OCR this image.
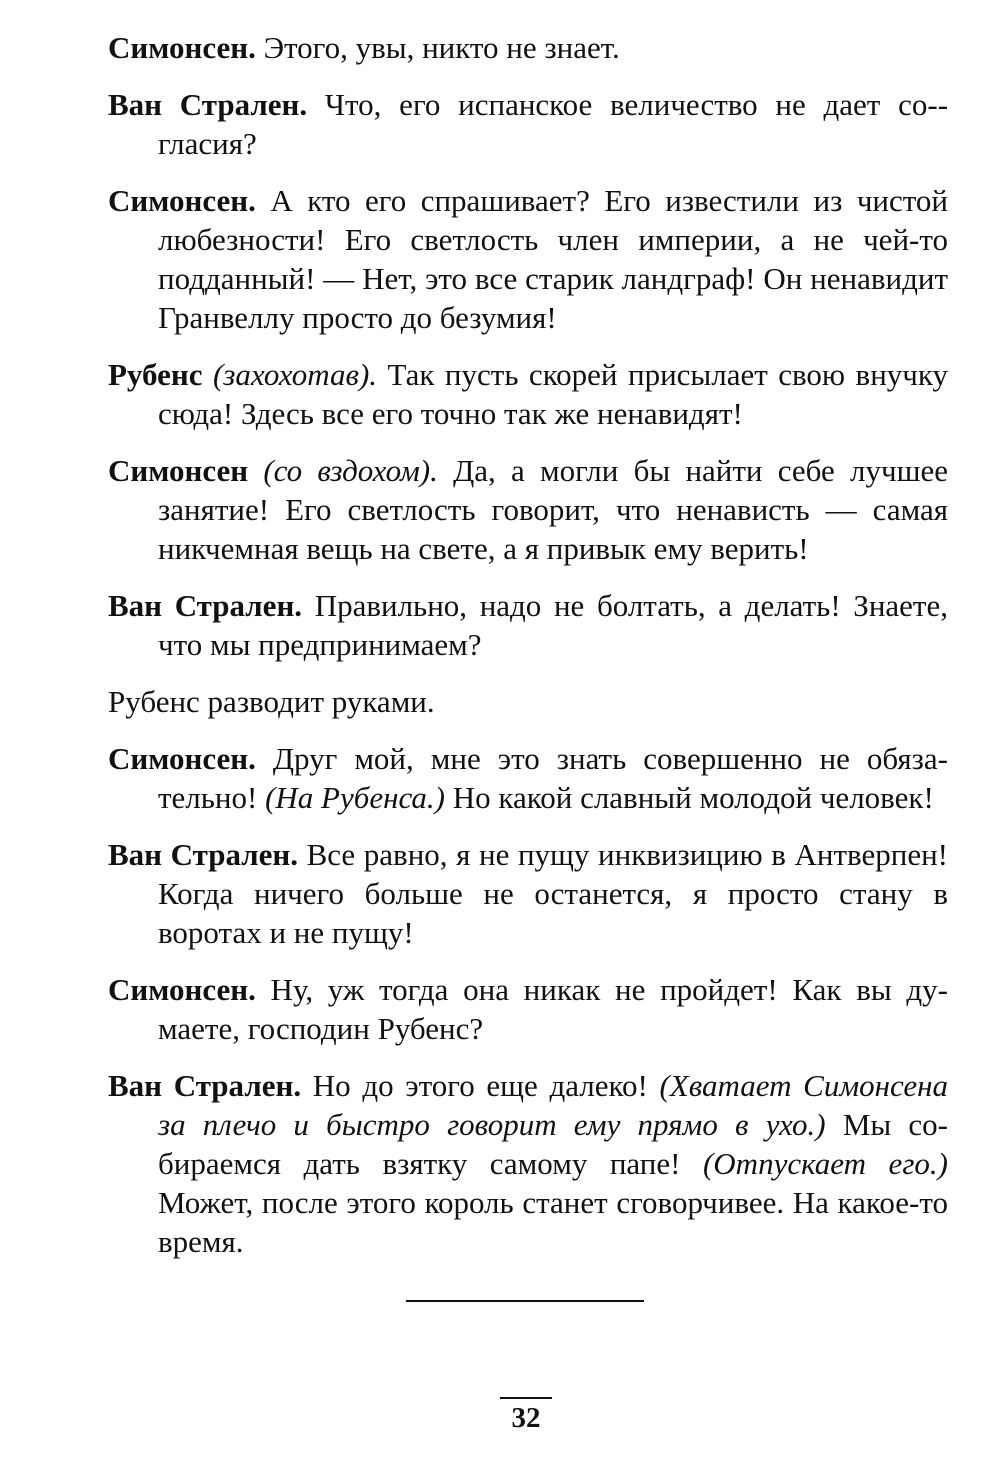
Симонсен. Этого, увы, никто не знает.

Ван Стрален. Что, его испанское величество не дает со-гласия?

Симонсен. А кто его спрашивает? Его известили из чистой любезности! Его светлость член империи, а не чей-то подданный! — Нет, это все старик ландграф! Он ненавидит Гранвеллу просто до безумия!

Рубенс (захохотав). Так пусть скорей присылает свою внучку сюда! Здесь все его точно так же ненавидят!

Симонсен (со вздохом). Да, а могли бы найти себе лучшее занятие! Его светлость говорит, что ненависть — самая никчемная вещь на свете, а я привык ему верить!

Ван Стрален. Правильно, надо не болтать, а делать! Знаете, что мы предпринимаем?

Рубенс разводит руками.

Симонсен. Друг мой, мне это знать совершенно не обязательно! (На Рубенса.) Но какой славный молодой человек!

Ван Стрален. Все равно, я не пущу инквизицию в Антверпен! Когда ничего больше не останется, я просто стану в воротах и не пущу!

Симонсен. Ну, уж тогда она никак не пройдет! Как вы думаете, господин Рубенс?

Ван Стрален. Но до этого еще далеко! (Хватает Симонсена за плечо и быстро говорит ему прямо в ухо.) Мы собираемся дать взятку самому папе! (Отпускает его.) Может, после этого король станет сговорчивее. На какое-то время.

32
